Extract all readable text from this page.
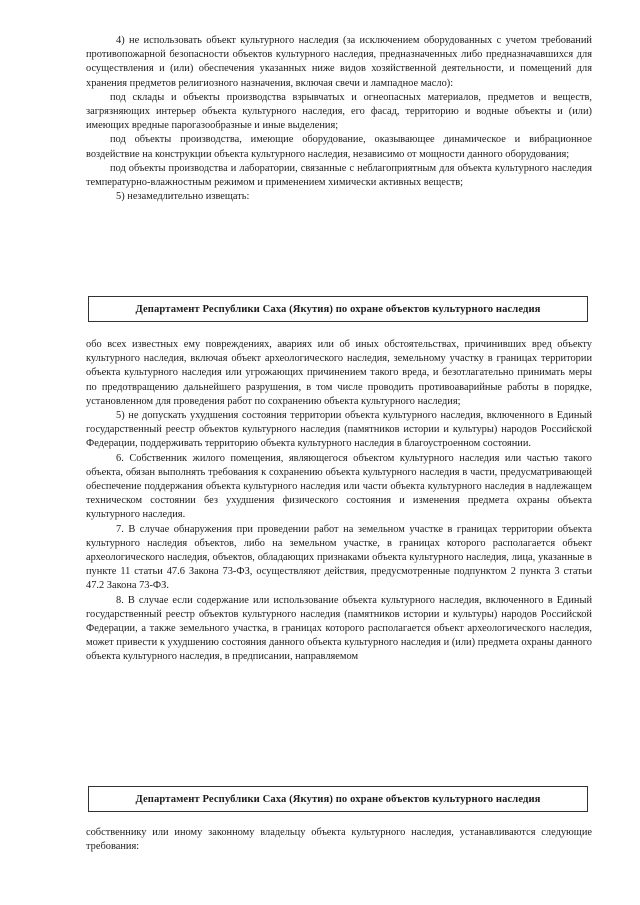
4) не использовать объект культурного наследия (за исключением оборудованных с учетом требований противопожарной безопасности объектов культурного наследия, предназначенных либо предназначавшихся для осуществления и (или) обеспечения указанных ниже видов хозяйственной деятельности, и помещений для хранения предметов религиозного назначения, включая свечи и лампадное масло):

под склады и объекты производства взрывчатых и огнеопасных материалов, предметов и веществ, загрязняющих интерьер объекта культурного наследия, его фасад, территорию и водные объекты и (или) имеющих вредные парогазообразные и иные выделения;

под объекты производства, имеющие оборудование, оказывающее динамическое и вибрационное воздействие на конструкции объекта культурного наследия, независимо от мощности данного оборудования;

под объекты производства и лаборатории, связанные с неблагоприятным для объекта культурного наследия температурно-влажностным режимом и применением химически активных веществ;

5) незамедлительно извещать:

Департамент Республики Саха (Якутия) по охране объектов культурного наследия

обо всех известных ему повреждениях, авариях или об иных обстоятельствах, причинивших вред объекту культурного наследия, включая объект археологического наследия, земельному участку в границах территории объекта культурного наследия или угрожающих причинением такого вреда, и безотлагательно принимать меры по предотвращению дальнейшего разрушения, в том числе проводить противоаварийные работы в порядке, установленном для проведения работ по сохранению объекта культурного наследия;

5) не допускать ухудшения состояния территории объекта культурного наследия, включенного в Единый государственный реестр объектов культурного наследия (памятников истории и культуры) народов Российской Федерации, поддерживать территорию объекта культурного наследия в благоустроенном состоянии.

6. Собственник жилого помещения, являющегося объектом культурного наследия или частью такого объекта, обязан выполнять требования к сохранению объекта культурного наследия в части, предусматривающей обеспечение поддержания объекта культурного наследия или части объекта культурного наследия в надлежащем техническом состоянии без ухудшения физического состояния и изменения предмета охраны объекта культурного наследия.

7. В случае обнаружения при проведении работ на земельном участке в границах территории объекта культурного наследия объектов, либо на земельном участке, в границах которого располагается объект археологического наследия, объектов, обладающих признаками объекта культурного наследия, лица, указанные в пункте 11 статьи 47.6 Закона 73-ФЗ, осуществляют действия, предусмотренные подпунктом 2 пункта 3 статьи 47.2 Закона 73-ФЗ.

8. В случае если содержание или использование объекта культурного наследия, включенного в Единый государственный реестр объектов культурного наследия (памятников истории и культуры) народов Российской Федерации, а также земельного участка, в границах которого располагается объект археологического наследия, может привести к ухудшению состояния данного объекта культурного наследия и (или) предмета охраны данного объекта культурного наследия, в предписании, направляемом

Департамент Республики Саха (Якутия) по охране объектов культурного наследия

собственнику или иному законному владельцу объекта культурного наследия, устанавливаются следующие требования:
